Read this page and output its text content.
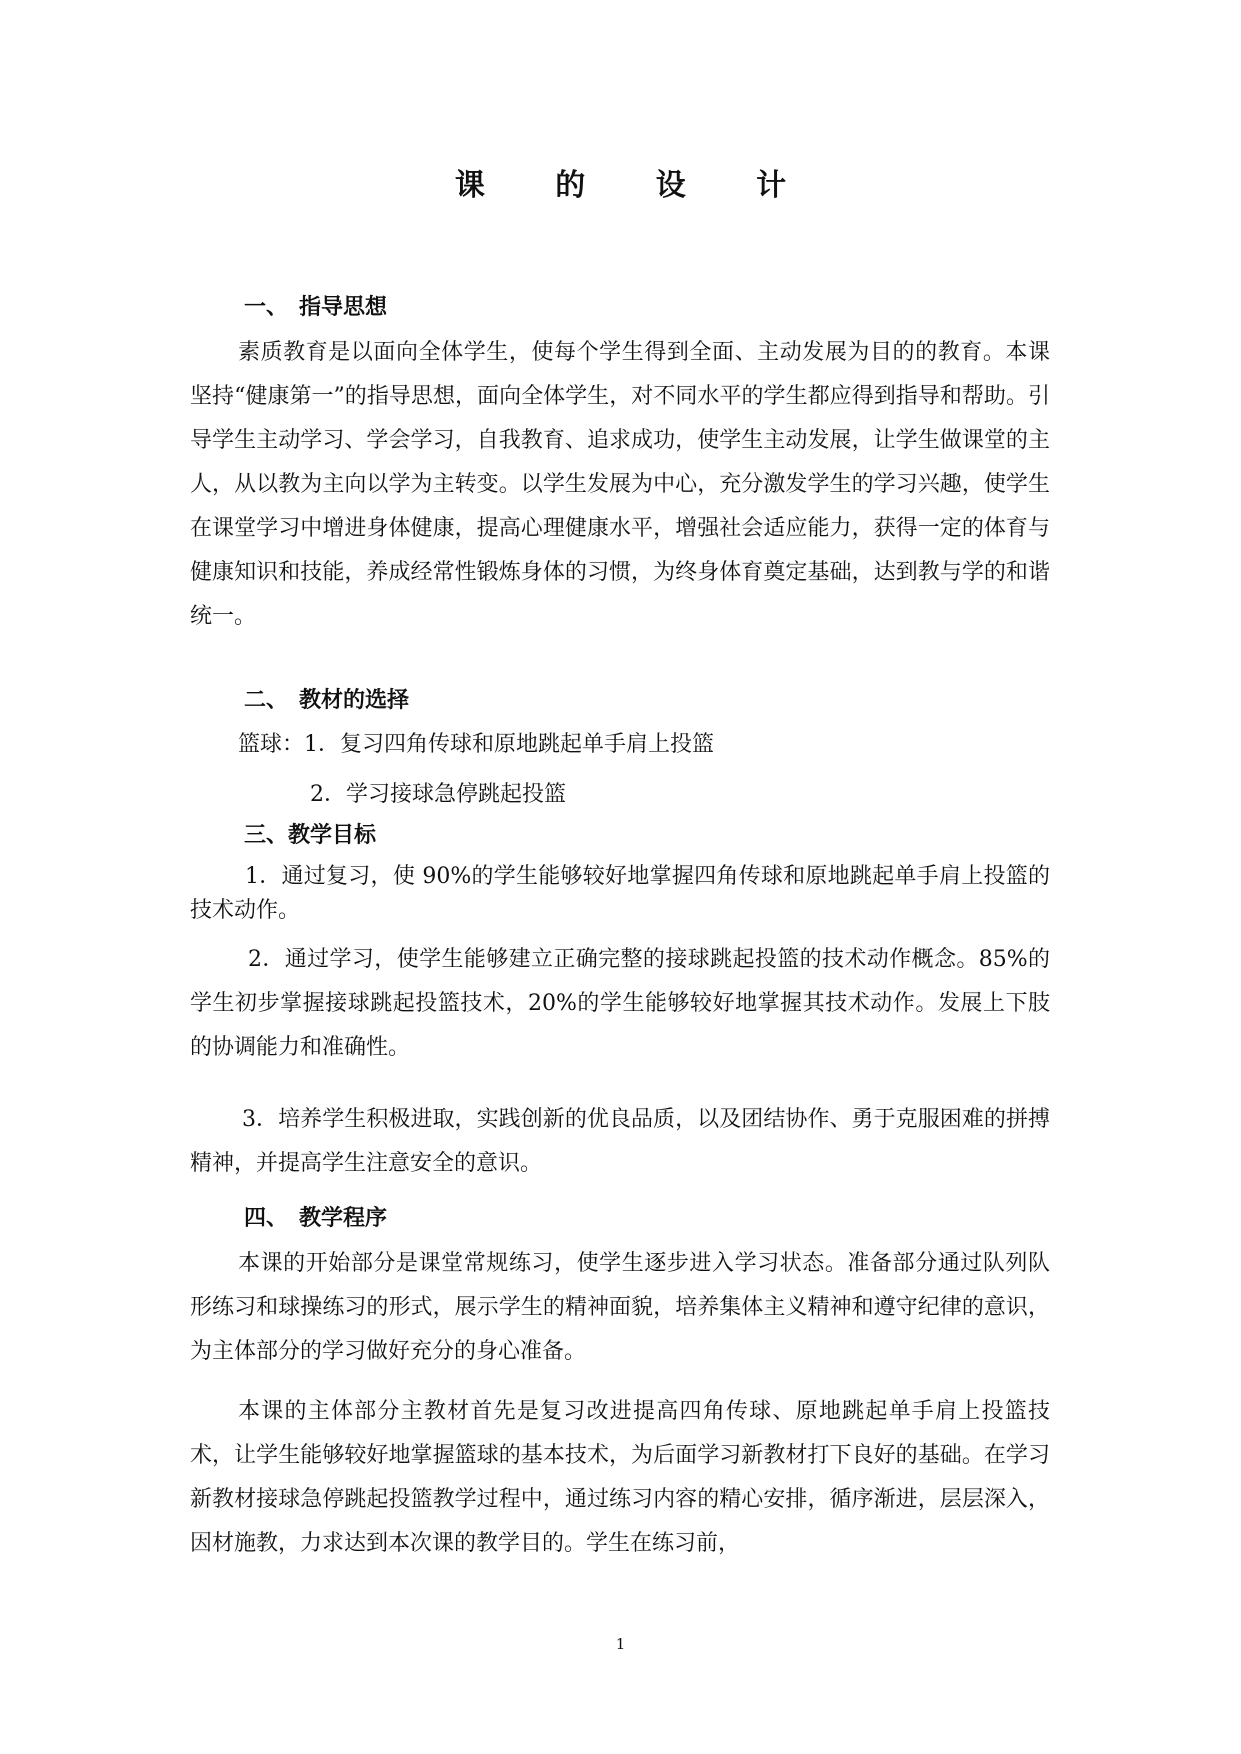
课 的 设 计
一、 指导思想
素质教育是以面向全体学生，使每个学生得到全面、主动发展为目的的教育。本课坚持“健康第一”的指导思想，面向全体学生，对不同水平的学生都应得到指导和帮助。引导学生主动学习、学会学习，自我教育、追求成功，使学生主动发展，让学生做课堂的主人，从以教为主向以学为主转变。以学生发展为中心，充分激发学生的学习兴趣，使学生在课堂学习中增进身体健康，提高心理健康水平，增强社会适应能力，获得一定的体育与健康知识和技能，养成经常性锻炼身体的习惯，为终身体育奠定基础，达到教与学的和谐统一。
二、 教材的选择
篮球：1．复习四角传球和原地跳起单手肩上投篮
2．学习接球急停跳起投篮
三、教学目标
1．通过复习，使 90%的学生能够较好地掌握四角传球和原地跳起单手肩上投篮的技术动作。
2．通过学习，使学生能够建立正确完整的接球跳起投篮的技术动作概念。85%的学生初步掌握接球跳起投篮技术，20%的学生能够较好地掌握其技术动作。发展上下肢的协调能力和准确性。
3．培养学生积极进取，实践创新的优良品质，以及团结协作、勇于克服困难的拼搏精神，并提高学生注意安全的意识。
四、 教学程序
本课的开始部分是课堂常规练习，使学生逐步进入学习状态。准备部分通过队列队形练习和球操练习的形式，展示学生的精神面貌，培养集体主义精神和遵守纪律的意识，为主体部分的学习做好充分的身心准备。
本课的主体部分主教材首先是复习改进提高四角传球、原地跳起单手肩上投篮技术，让学生能够较好地掌握篮球的基本技术，为后面学习新教材打下良好的基础。在学习新教材接球急停跳起投篮教学过程中，通过练习内容的精心安排，循序渐进，层层深入，因材施教，力求达到本次课的教学目的。学生在练习前，
1
